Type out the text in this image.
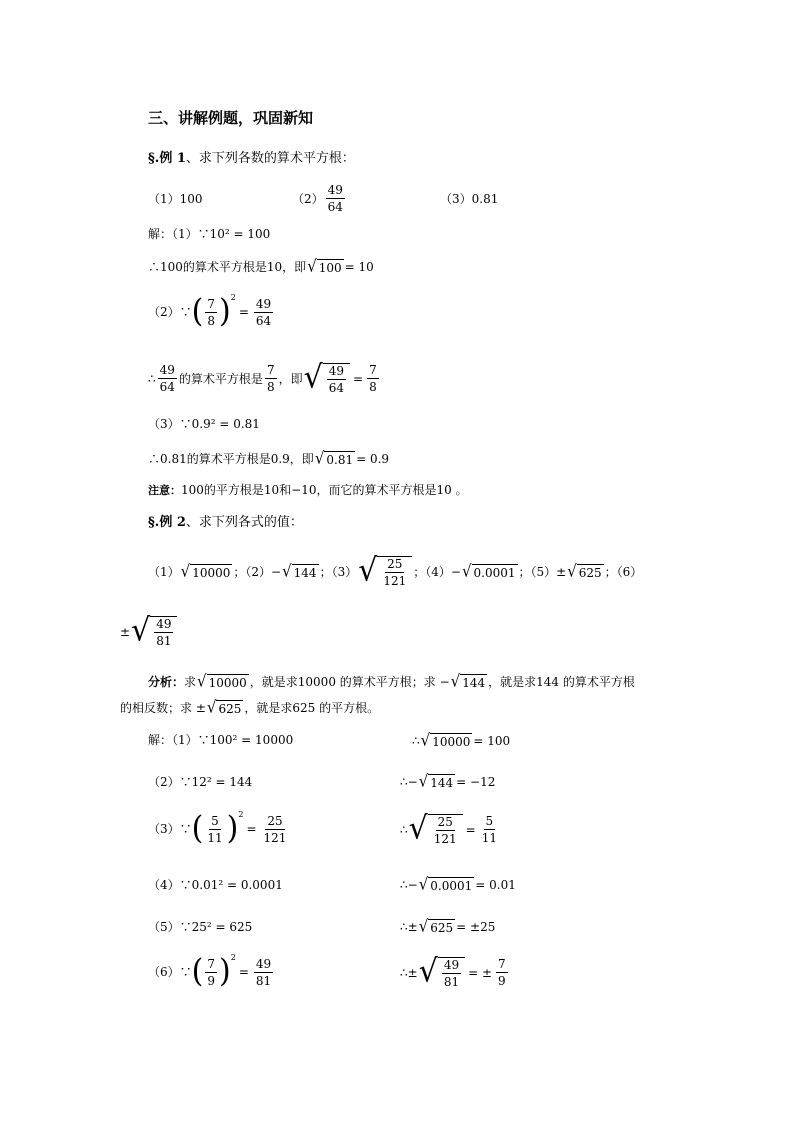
三、讲解例题，巩固新知
§.例 1、求下列各数的算术平方根：
（1）100	$(2) \frac{49}{64}$	（3）0.81
解：（1）∵10² = 100
∴100的算术平方根是10，即 √ 100 = 10
（2）∵ ( $\frac{7}{8}$ ) 2
= $\frac{49}{64}$
∴ $\frac{49}{64}$ 的算术平方根是 $\frac{7}{8}$ ，即 √ $\frac{49}{64} = \frac{7}{8}$
（3）∵0.9² = 0.81
∴0.81的算术平方根是0.9，即 √ 0.81 = 0.9
注意：100的平方根是10和−10，而它的算术平方根是10 。
§.例 2、求下列各式的值：
（1） √ 10000 ；（2）− √ 144 ；（3） √ $\frac{25}{121}$ ；（4）− √ 0.0001 ；（5）± √ 625 ；（6）
± √ $\frac{49}{81}$
分析： 求 √ 10000 ，就是求10000 的算术平方根；求 − √ 144 ，就是求144 的算术平方根
的相反数；求 ± √ 625 ，就是求625 的平方根。
解：（1）∵100² = 10000	∴ √ 10000 = 100
（2）∵12² = 144	∴− √ 144 = −12
（3）∵ ( $\frac{5}{11}$ ) 2
= $\frac{25}{121}$	∴ √ $\frac{25}{121} = \frac{5}{11}$
（4）∵0.01² = 0.0001	∴− √ 0.0001 = 0.01
（5）∵25² = 625	∴± √ 625 = ±25
（6）∵ ( $\frac{7}{9}$ ) 2
= $\frac{49}{81}$	∴± √ $\frac{49}{81}$ = ± $\frac{7}{9}$
